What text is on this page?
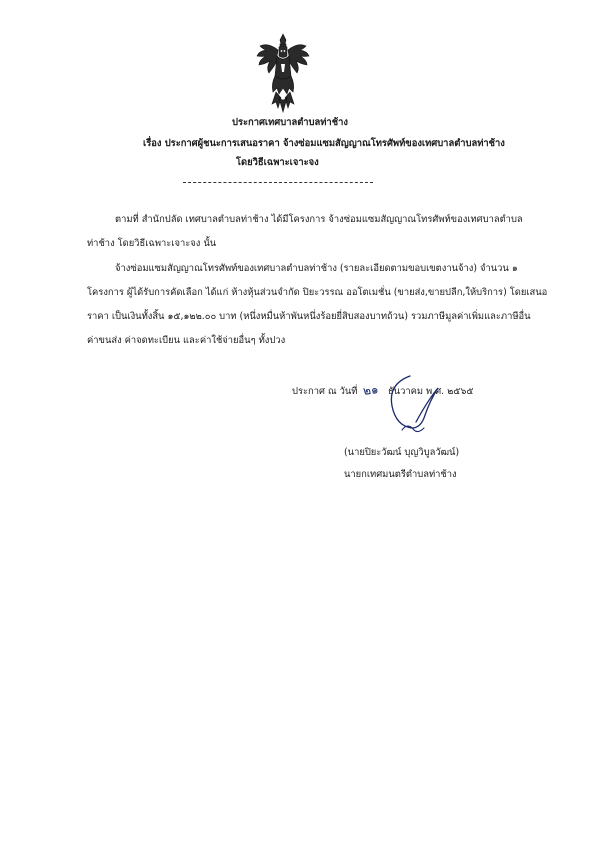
ประกาศเทศบาลตำบลท่าช้าง
เรื่อง ประกาศผู้ชนะการเสนอราคา จ้างซ่อมแซมสัญญาณโทรศัพท์ของเทศบาลตำบลท่าช้าง
โดยวิธีเฉพาะเจาะจง
ตามที่ สำนักปลัด เทศบาลตำบลท่าช้าง ได้มีโครงการ จ้างซ่อมแซมสัญญาณโทรศัพท์ของเทศบาลตำบล
ท่าช้าง โดยวิธีเฉพาะเจาะจง นั้น
จ้างซ่อมแซมสัญญาณโทรศัพท์ของเทศบาลตำบลท่าช้าง (รายละเอียดตามขอบเขตงานจ้าง) จำนวน ๑
โครงการ ผู้ได้รับการคัดเลือก ได้แก่ ห้างหุ้นส่วนจำกัด ปิยะวรรณ ออโตเมชั่น (ขายส่ง,ขายปลีก,ให้บริการ) โดยเสนอ
ราคา เป็นเงินทั้งสิ้น ๑๕,๑๒๒.๐๐ บาท (หนึ่งหมื่นห้าพันหนึ่งร้อยยี่สิบสองบาทถ้วน) รวมภาษีมูลค่าเพิ่มและภาษีอื่น
ค่าขนส่ง ค่าจดทะเบียน และค่าใช้จ่ายอื่นๆ ทั้งปวง
ประกาศ ณ วันที่ ๒๑ ธันวาคม พ.ศ. ๒๕๖๕
(นายปิยะวัฒน์ บุญวิบูลวัฒน์)
นายกเทศมนตรีตำบลท่าช้าง
